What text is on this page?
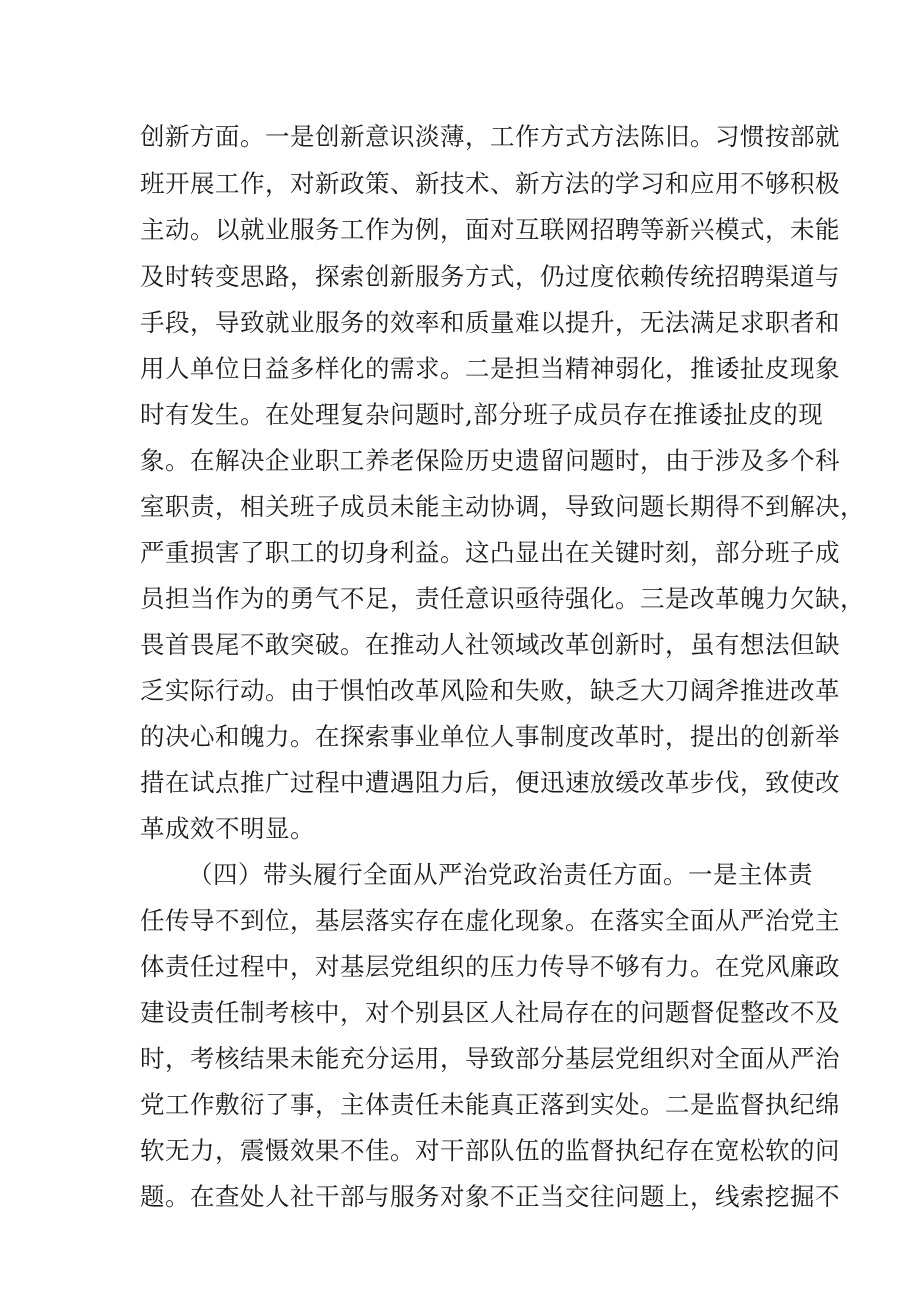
创新方面。一是创新意识淡薄，工作方式方法陈旧。习惯按部就
班开展工作，对新政策、新技术、新方法的学习和应用不够积极
主动。以就业服务工作为例，面对互联网招聘等新兴模式，未能
及时转变思路，探索创新服务方式，仍过度依赖传统招聘渠道与
手段，导致就业服务的效率和质量难以提升，无法满足求职者和
用人单位日益多样化的需求。二是担当精神弱化，推诿扯皮现象
时有发生。在处理复杂问题时,部分班子成员存在推诿扯皮的现
象。在解决企业职工养老保险历史遗留问题时，由于涉及多个科
室职责，相关班子成员未能主动协调，导致问题长期得不到解决，
严重损害了职工的切身利益。这凸显出在关键时刻，部分班子成
员担当作为的勇气不足，责任意识亟待强化。三是改革魄力欠缺，
畏首畏尾不敢突破。在推动人社领域改革创新时，虽有想法但缺
乏实际行动。由于惧怕改革风险和失败，缺乏大刀阔斧推进改革
的决心和魄力。在探索事业单位人事制度改革时，提出的创新举
措在试点推广过程中遭遇阻力后，便迅速放缓改革步伐，致使改
革成效不明显。
（四）带头履行全面从严治党政治责任方面。一是主体责
任传导不到位，基层落实存在虚化现象。在落实全面从严治党主
体责任过程中，对基层党组织的压力传导不够有力。在党风廉政
建设责任制考核中，对个别县区人社局存在的问题督促整改不及
时，考核结果未能充分运用，导致部分基层党组织对全面从严治
党工作敷衍了事，主体责任未能真正落到实处。二是监督执纪绵
软无力，震慑效果不佳。对干部队伍的监督执纪存在宽松软的问
题。在查处人社干部与服务对象不正当交往问题上，线索挖掘不
